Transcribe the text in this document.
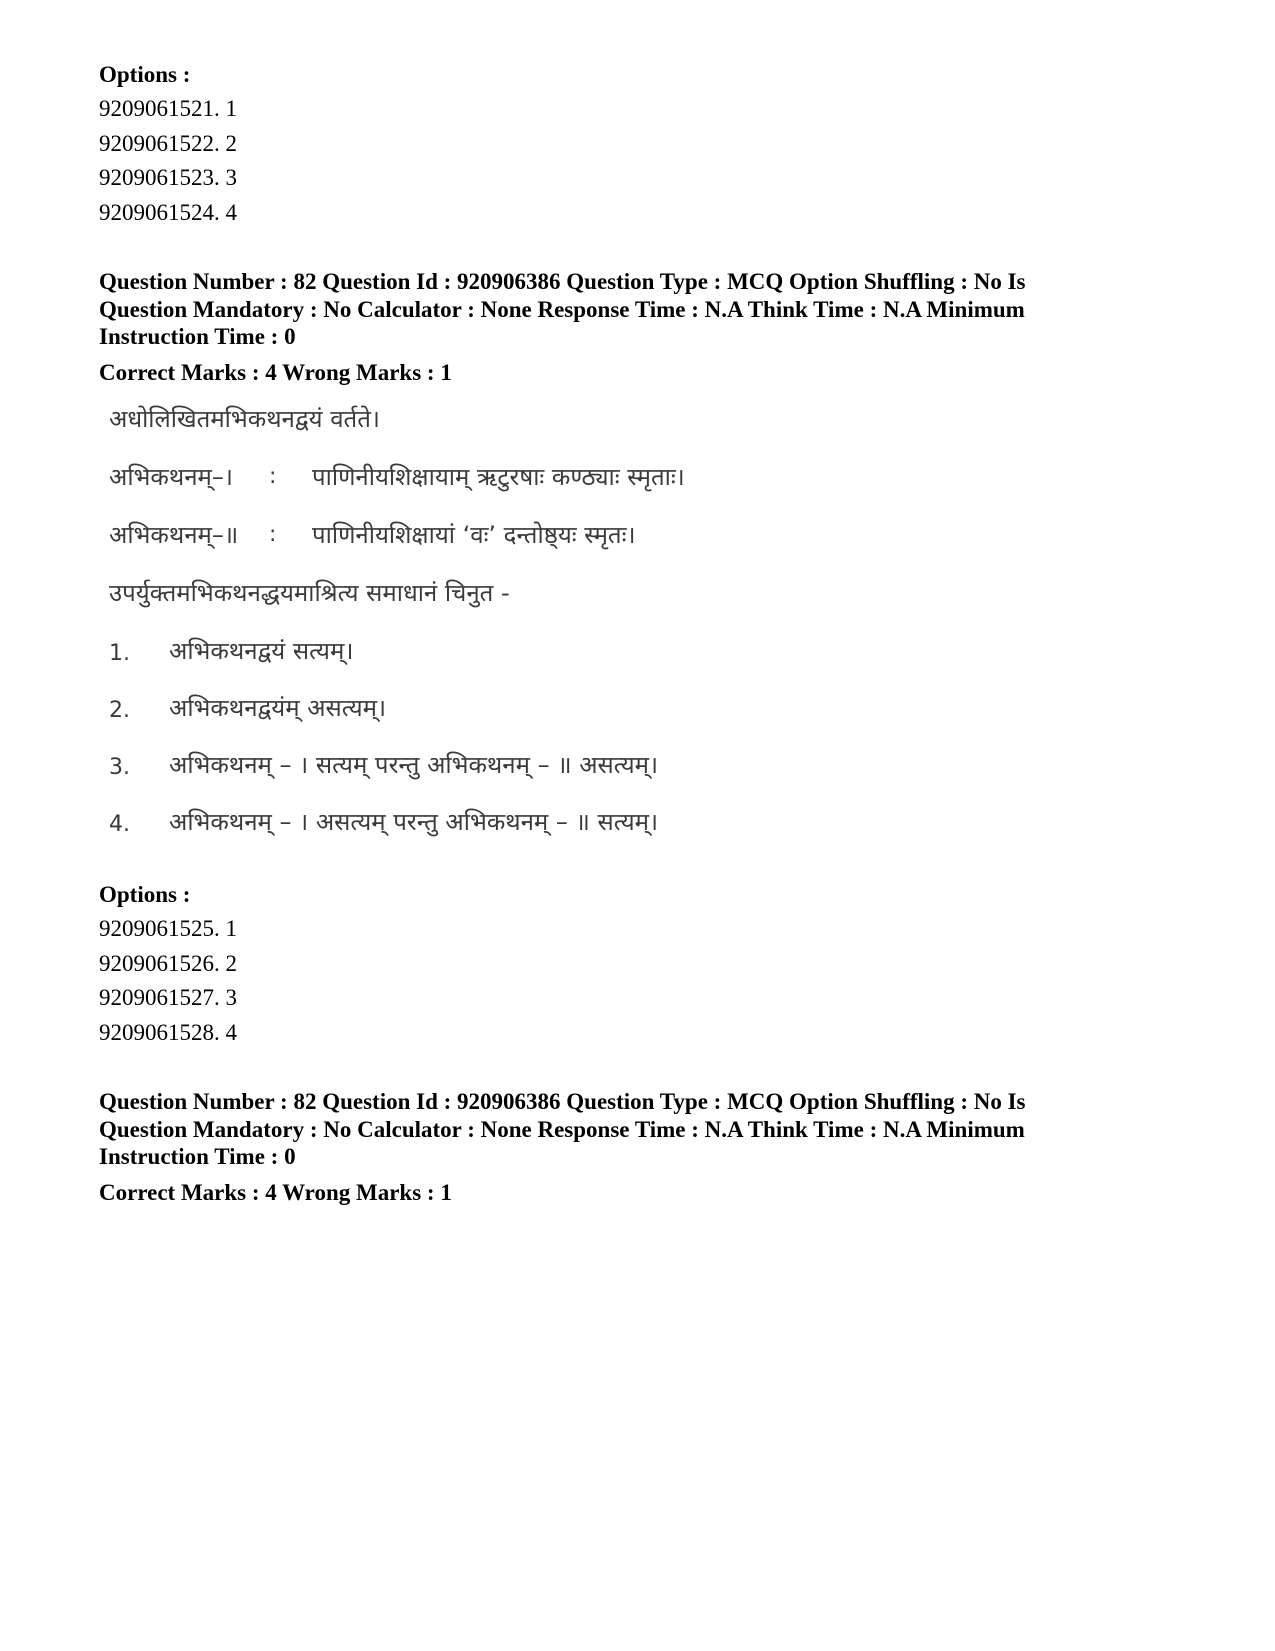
Options :
9209061521. 1
9209061522. 2
9209061523. 3
9209061524. 4
Question Number : 82 Question Id : 920906386 Question Type : MCQ Option Shuffling : No Is
Question Mandatory : No Calculator : None Response Time : N.A Think Time : N.A Minimum
Instruction Time : 0
Correct Marks : 4 Wrong Marks : 1
अधोलिखितमभिकथनद्वयं वर्तते।
अभिकथनम्–। : पाणिनीयशिक्षायाम् ऋटुरषाः कण्ठ्याः स्मृताः।
अभिकथनम्–॥ : पाणिनीयशिक्षायां ‘वः’ दन्तोष्ठ्यः स्मृतः।
उपर्युक्तमभिकथनद्धयमाश्रित्य समाधानं चिनुत -
1. अभिकथनद्वयं सत्यम्।
2. अभिकथनद्वयंम् असत्यम्।
3. अभिकथनम् – । सत्यम् परन्तु अभिकथनम् – ॥ असत्यम्।
4. अभिकथनम् – । असत्यम् परन्तु अभिकथनम् – ॥ सत्यम्।
Options :
9209061525. 1
9209061526. 2
9209061527. 3
9209061528. 4
Question Number : 82 Question Id : 920906386 Question Type : MCQ Option Shuffling : No Is
Question Mandatory : No Calculator : None Response Time : N.A Think Time : N.A Minimum
Instruction Time : 0
Correct Marks : 4 Wrong Marks : 1
